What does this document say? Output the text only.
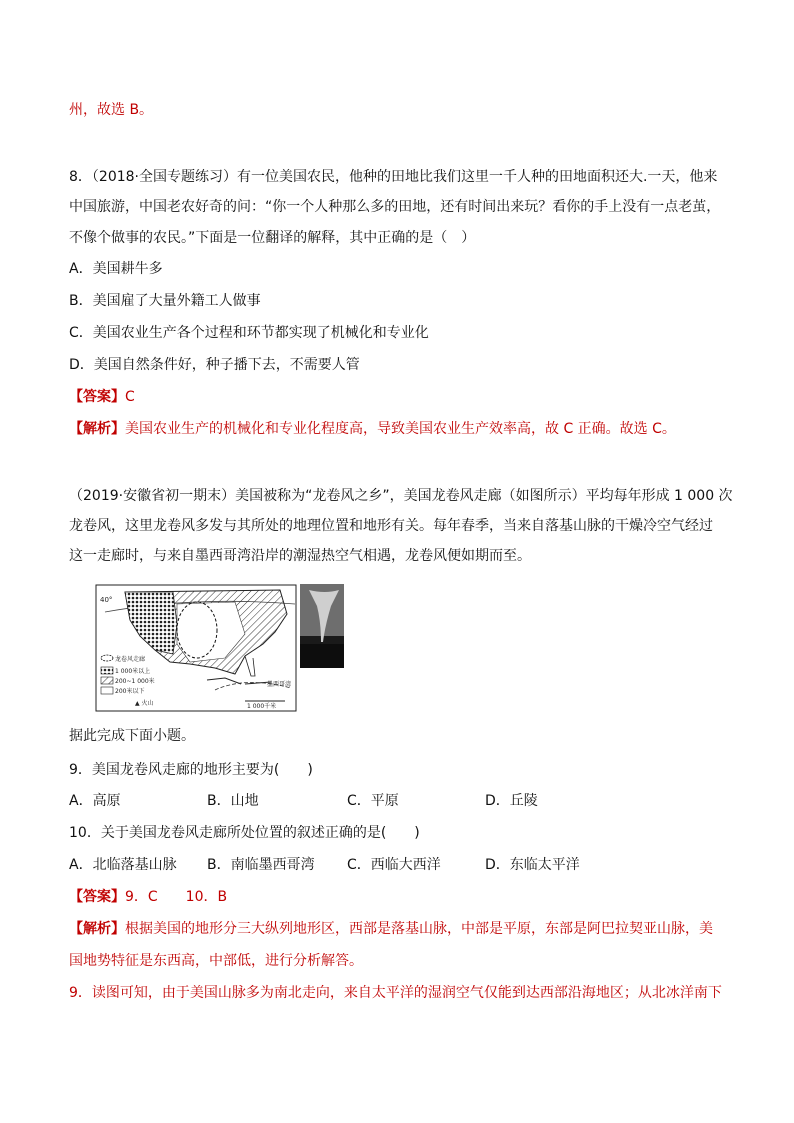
州，故选 B。
8．（2018·全国专题练习）有一位美国农民，他种的田地比我们这里一千人种的田地面积还大.一天，他来
中国旅游，中国老农好奇的问：“你一个人种那么多的田地，还有时间出来玩？看你的手上没有一点老茧，
不像个做事的农民。”下面是一位翻译的解释，其中正确的是（　）
A．美国耕牛多
B．美国雇了大量外籍工人做事
C．美国农业生产各个过程和环节都实现了机械化和专业化
D．美国自然条件好，种子播下去，不需要人管
【答案】C
【解析】美国农业生产的机械化和专业化程度高，导致美国农业生产效率高，故 C 正确。故选 C。
（2019·安徽省初一期末）美国被称为“龙卷风之乡”，美国龙卷风走廊（如图所示）平均每年形成 1 000 次
龙卷风，这里龙卷风多发与其所处的地理位置和地形有关。每年春季，当来自落基山脉的干燥冷空气经过
这一走廊时，与来自墨西哥湾沿岸的潮湿热空气相遇，龙卷风便如期而至。
40°
墨西哥湾
龙卷风走廊
1 000米以上
200~1 000米
200米以下
▲ 火山	1 000千米
据此完成下面小题。
9．美国龙卷风走廊的地形主要为(　　)
A．高原	B．山地	C．平原	D．丘陵
10．关于美国龙卷风走廊所处位置的叙述正确的是(　　)
A．北临落基山脉 B．南临墨西哥湾 C．西临大西洋	D．东临太平洋
【答案】9．C　　10．B
【解析】根据美国的地形分三大纵列地形区，西部是落基山脉，中部是平原，东部是阿巴拉契亚山脉，美
国地势特征是东西高，中部低，进行分析解答。
9．读图可知，由于美国山脉多为南北走向，来自太平洋的湿润空气仅能到达西部沿海地区；从北冰洋南下
